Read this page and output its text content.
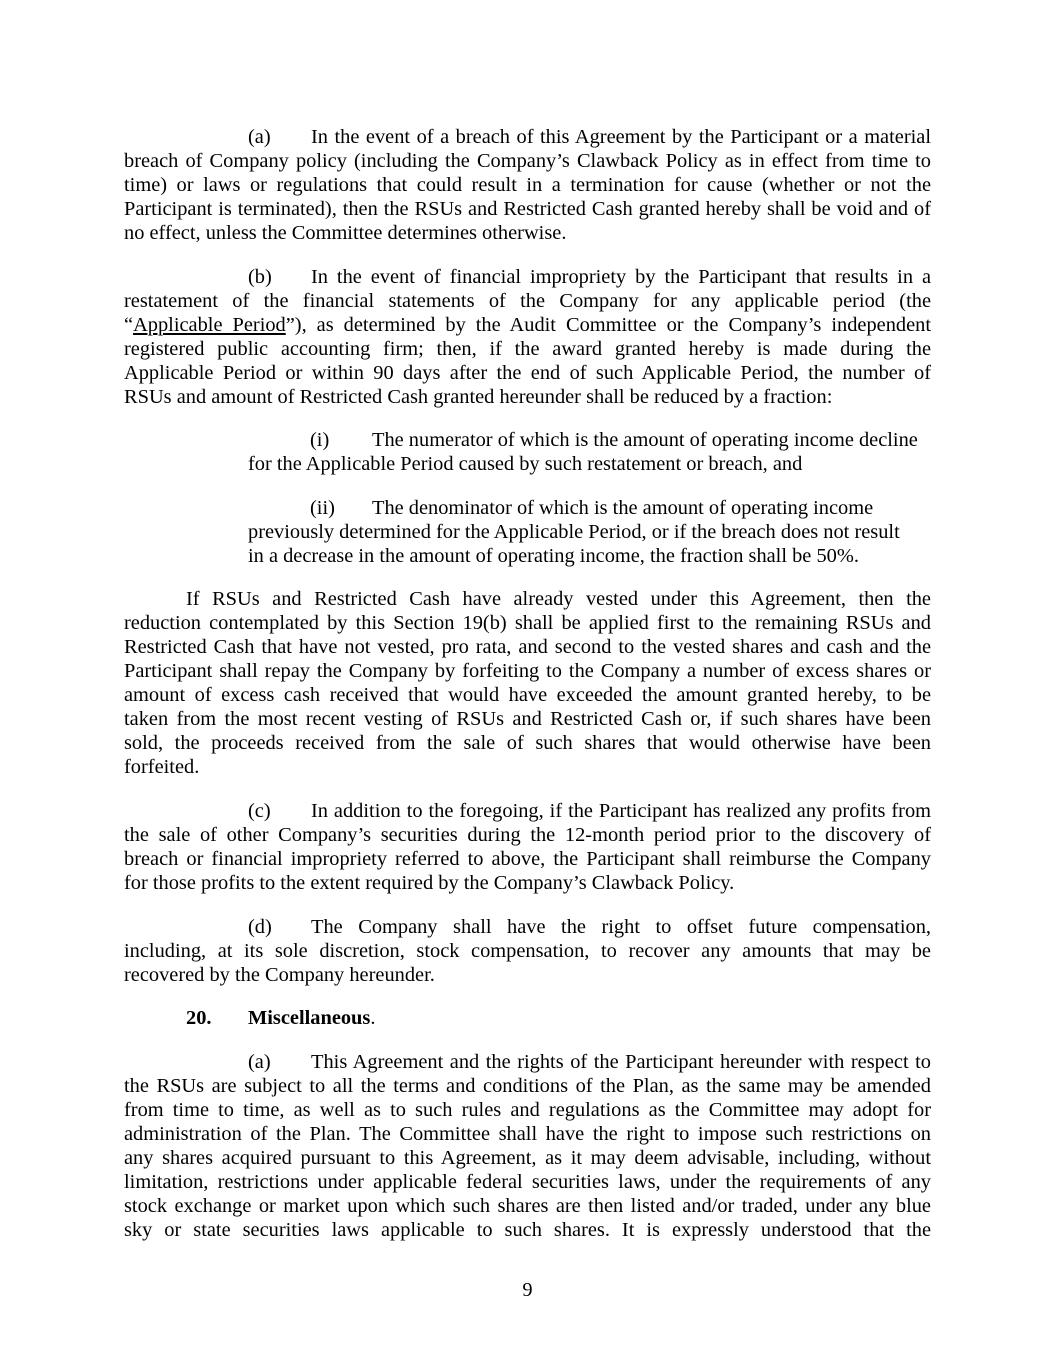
(a) In the event of a breach of this Agreement by the Participant or a material
breach of Company policy (including the Company’s Clawback Policy as in effect from time to
time) or laws or regulations that could result in a termination for cause (whether or not the
Participant is terminated), then the RSUs and Restricted Cash granted hereby shall be void and of
no effect, unless the Committee determines otherwise.
(b) In the event of financial impropriety by the Participant that results in a
restatement of the financial statements of the Company for any applicable period (the
“Applicable Period”), as determined by the Audit Committee or the Company’s independent
registered public accounting firm; then, if the award granted hereby is made during the
Applicable Period or within 90 days after the end of such Applicable Period, the number of
RSUs and amount of Restricted Cash granted hereunder shall be reduced by a fraction:
(i) The numerator of which is the amount of operating income decline
for the Applicable Period caused by such restatement or breach, and
(ii) The denominator of which is the amount of operating income
previously determined for the Applicable Period, or if the breach does not result
in a decrease in the amount of operating income, the fraction shall be 50%.
If RSUs and Restricted Cash have already vested under this Agreement, then the
reduction contemplated by this Section 19(b) shall be applied first to the remaining RSUs and
Restricted Cash that have not vested, pro rata, and second to the vested shares and cash and the
Participant shall repay the Company by forfeiting to the Company a number of excess shares or
amount of excess cash received that would have exceeded the amount granted hereby, to be
taken from the most recent vesting of RSUs and Restricted Cash or, if such shares have been
sold, the proceeds received from the sale of such shares that would otherwise have been
forfeited.
(c) In addition to the foregoing, if the Participant has realized any profits from
the sale of other Company’s securities during the 12-month period prior to the discovery of
breach or financial impropriety referred to above, the Participant shall reimburse the Company
for those profits to the extent required by the Company’s Clawback Policy.
(d) The Company shall have the right to offset future compensation,
including, at its sole discretion, stock compensation, to recover any amounts that may be
recovered by the Company hereunder.
20. Miscellaneous.
(a) This Agreement and the rights of the Participant hereunder with respect to
the RSUs are subject to all the terms and conditions of the Plan, as the same may be amended
from time to time, as well as to such rules and regulations as the Committee may adopt for
administration of the Plan. The Committee shall have the right to impose such restrictions on
any shares acquired pursuant to this Agreement, as it may deem advisable, including, without
limitation, restrictions under applicable federal securities laws, under the requirements of any
stock exchange or market upon which such shares are then listed and/or traded, under any blue
sky or state securities laws applicable to such shares. It is expressly understood that the
9
